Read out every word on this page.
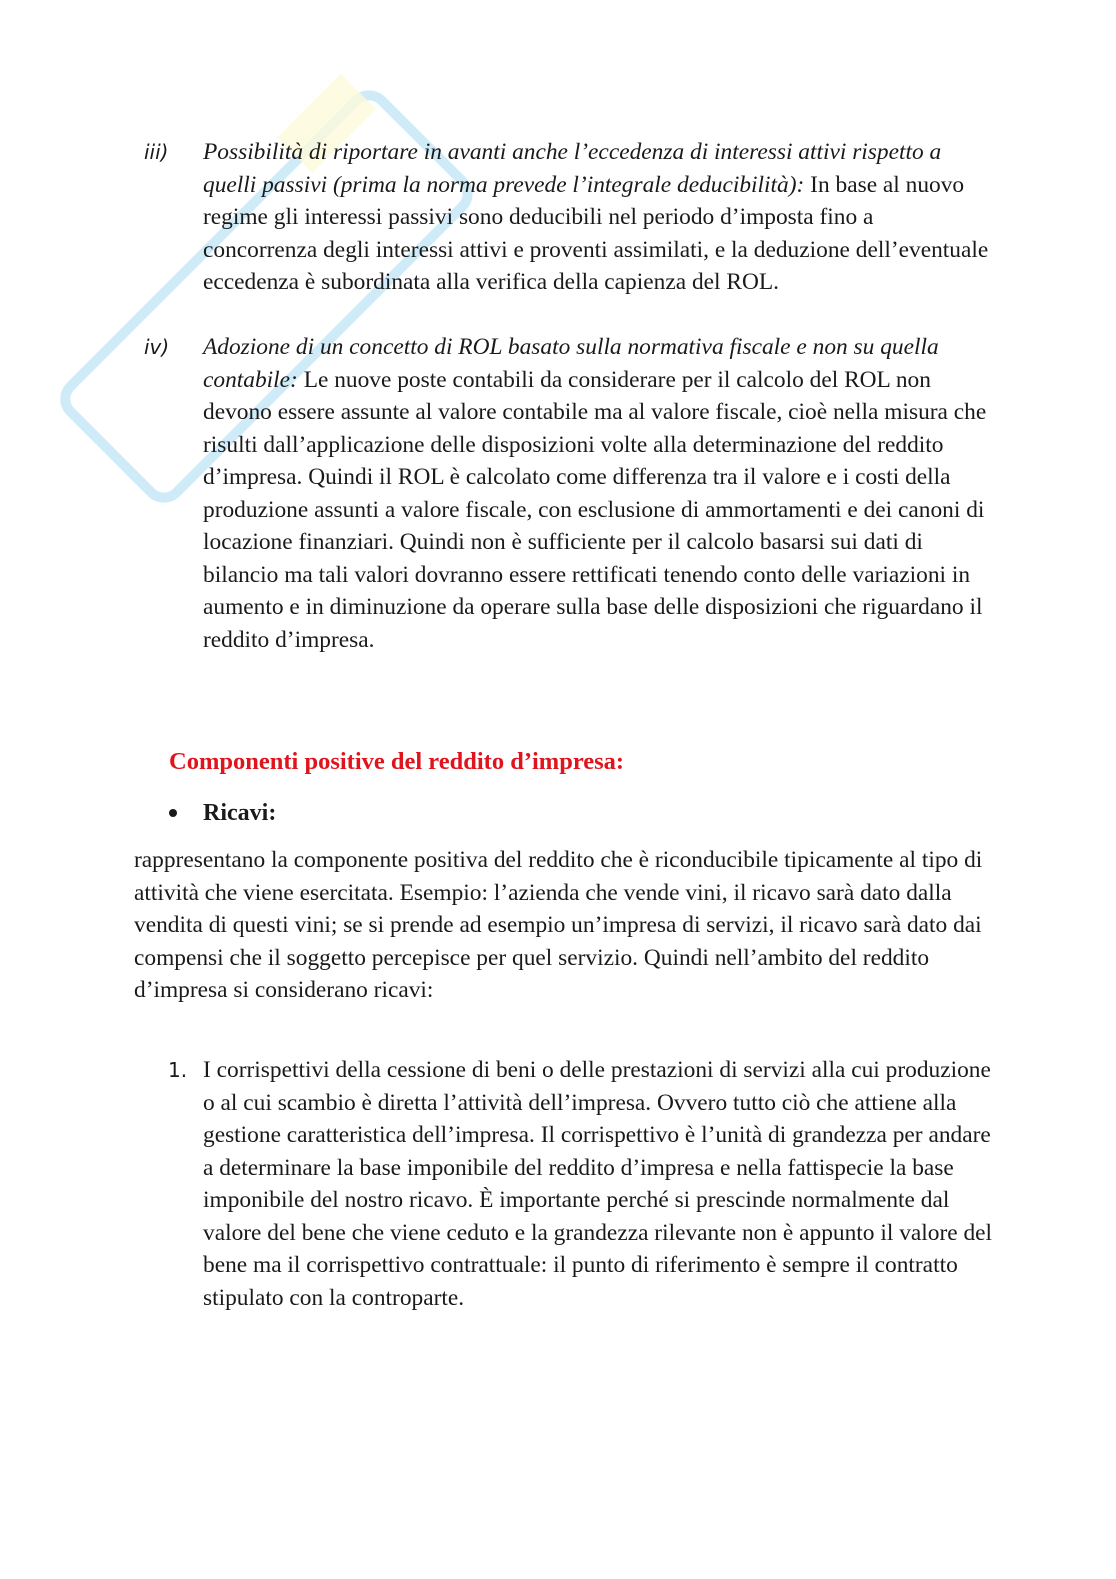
iii) Possibilità di riportare in avanti anche l’eccedenza di interessi attivi rispetto a quelli passivi (prima la norma prevede l’integrale deducibilità): In base al nuovo regime gli interessi passivi sono deducibili nel periodo d’imposta fino a concorrenza degli interessi attivi e proventi assimilati, e la deduzione dell’eventuale eccedenza è subordinata alla verifica della capienza del ROL.
iv) Adozione di un concetto di ROL basato sulla normativa fiscale e non su quella contabile: Le nuove poste contabili da considerare per il calcolo del ROL non devono essere assunte al valore contabile ma al valore fiscale, cioè nella misura che risulti dall’applicazione delle disposizioni volte alla determinazione del reddito d’impresa. Quindi il ROL è calcolato come differenza tra il valore e i costi della produzione assunti a valore fiscale, con esclusione di ammortamenti e dei canoni di locazione finanziari. Quindi non è sufficiente per il calcolo basarsi sui dati di bilancio ma tali valori dovranno essere rettificati tenendo conto delle variazioni in aumento e in diminuzione da operare sulla base delle disposizioni che riguardano il reddito d’impresa.
Componenti positive del reddito d’impresa:
Ricavi:
rappresentano la componente positiva del reddito che è riconducibile tipicamente al tipo di attività che viene esercitata. Esempio: l’azienda che vende vini, il ricavo sarà dato dalla vendita di questi vini; se si prende ad esempio un’impresa di servizi, il ricavo sarà dato dai compensi che il soggetto percepisce per quel servizio. Quindi nell’ambito del reddito d’impresa si considerano ricavi:
1. I corrispettivi della cessione di beni o delle prestazioni di servizi alla cui produzione o al cui scambio è diretta l’attività dell’impresa. Ovvero tutto ciò che attiene alla gestione caratteristica dell’impresa. Il corrispettivo è l’unità di grandezza per andare a determinare la base imponibile del reddito d’impresa e nella fattispecie la base imponibile del nostro ricavo. È importante perché si prescinde normalmente dal valore del bene che viene ceduto e la grandezza rilevante non è appunto il valore del bene ma il corrispettivo contrattuale: il punto di riferimento è sempre il contratto stipulato con la controparte.
